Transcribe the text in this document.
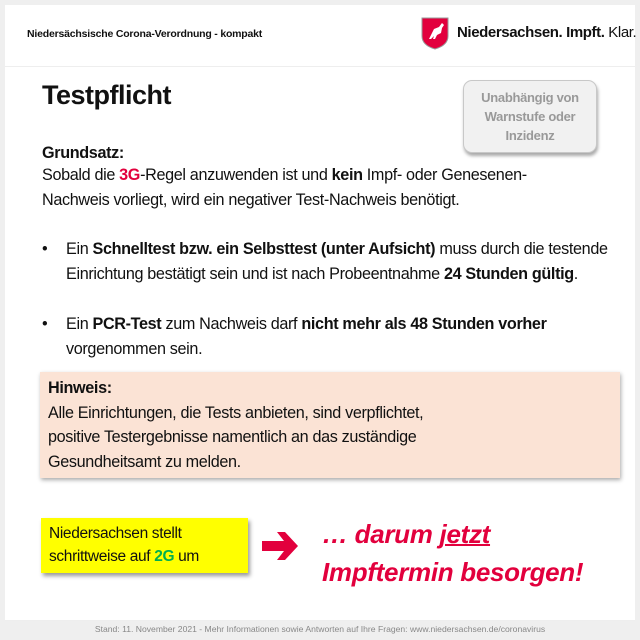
Niedersächsische Corona-Verordnung - kompakt	Niedersachsen. Impft. Klar.
Testpflicht	Unabhängig von
Warnstufe oder
Inzidenz
Grundsatz:
Sobald die 3G-Regel anzuwenden ist und kein Impf- oder Genesenen-
Nachweis vorliegt, wird ein negativer Test-Nachweis benötigt.
• Ein Schnelltest bzw. ein Selbsttest (unter Aufsicht) muss durch die testende Einrichtung bestätigt sein und ist nach Probeentnahme 24 Stunden gültig.
• Ein PCR-Test zum Nachweis darf nicht mehr als 48 Stunden vorher vorgenommen sein.
Hinweis:
Alle Einrichtungen, die Tests anbieten, sind verpflichtet,
positive Testergebnisse namentlich an das zuständige
Gesundheitsamt zu melden.
Niedersachsen stellt
schrittweise auf 2G um
… darum jetzt
Impftermin besorgen!
Stand: 11. November 2021 - Mehr Informationen sowie Antworten auf Ihre Fragen: www.niedersachsen.de/coronavirus
